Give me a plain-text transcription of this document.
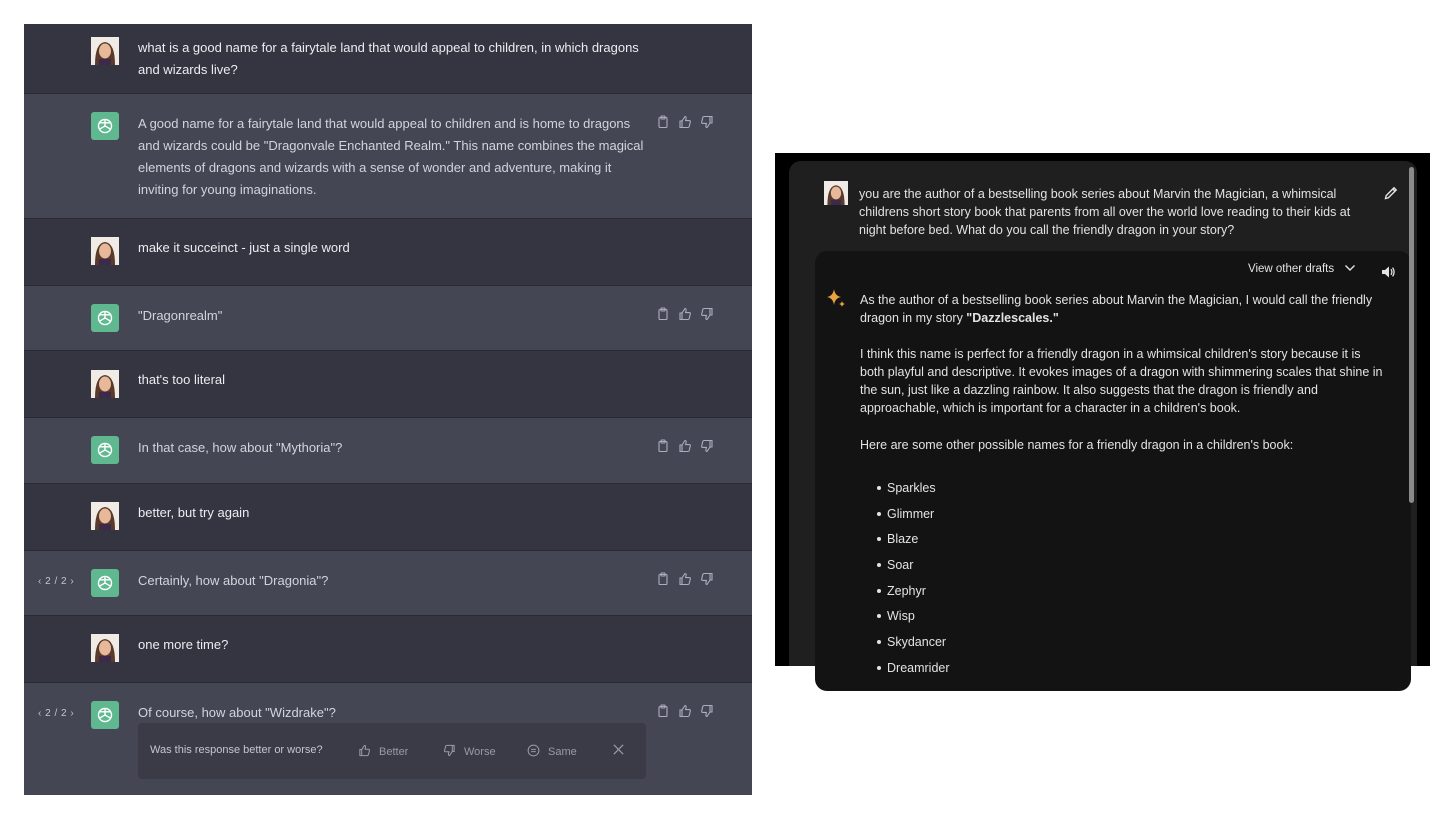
what is a good name for a fairytale land that would appeal to children, in which dragons and wizards live?
A good name for a fairytale land that would appeal to children and is home to dragons and wizards could be "Dragonvale Enchanted Realm." This name combines the magical elements of dragons and wizards with a sense of wonder and adventure, making it inviting for young imaginations.
make it succeinct - just a single word
"Dragonrealm"
that's too literal
In that case, how about "Mythoria"?
better, but try again
‹ 2 / 2 ›	Certainly, how about "Dragonia"?
one more time?
‹ 2 / 2 ›	Of course, how about "Wizdrake"?
Was this response better or worse?	Better	Worse	Same
you are the author of a bestselling book series about Marvin the Magician, a whimsical childrens short story book that parents from all over the world love reading to their kids at night before bed. What do you call the friendly dragon in your story?
View other drafts
As the author of a bestselling book series about Marvin the Magician, I would call the friendly dragon in my story "Dazzlescales."
I think this name is perfect for a friendly dragon in a whimsical children's story because it is both playful and descriptive. It evokes images of a dragon with shimmering scales that shine in the sun, just like a dazzling rainbow. It also suggests that the dragon is friendly and approachable, which is important for a character in a children's book.
Here are some other possible names for a friendly dragon in a children's book:
Sparkles
Glimmer
Blaze
Soar
Zephyr
Wisp
Skydancer
Dreamrider
